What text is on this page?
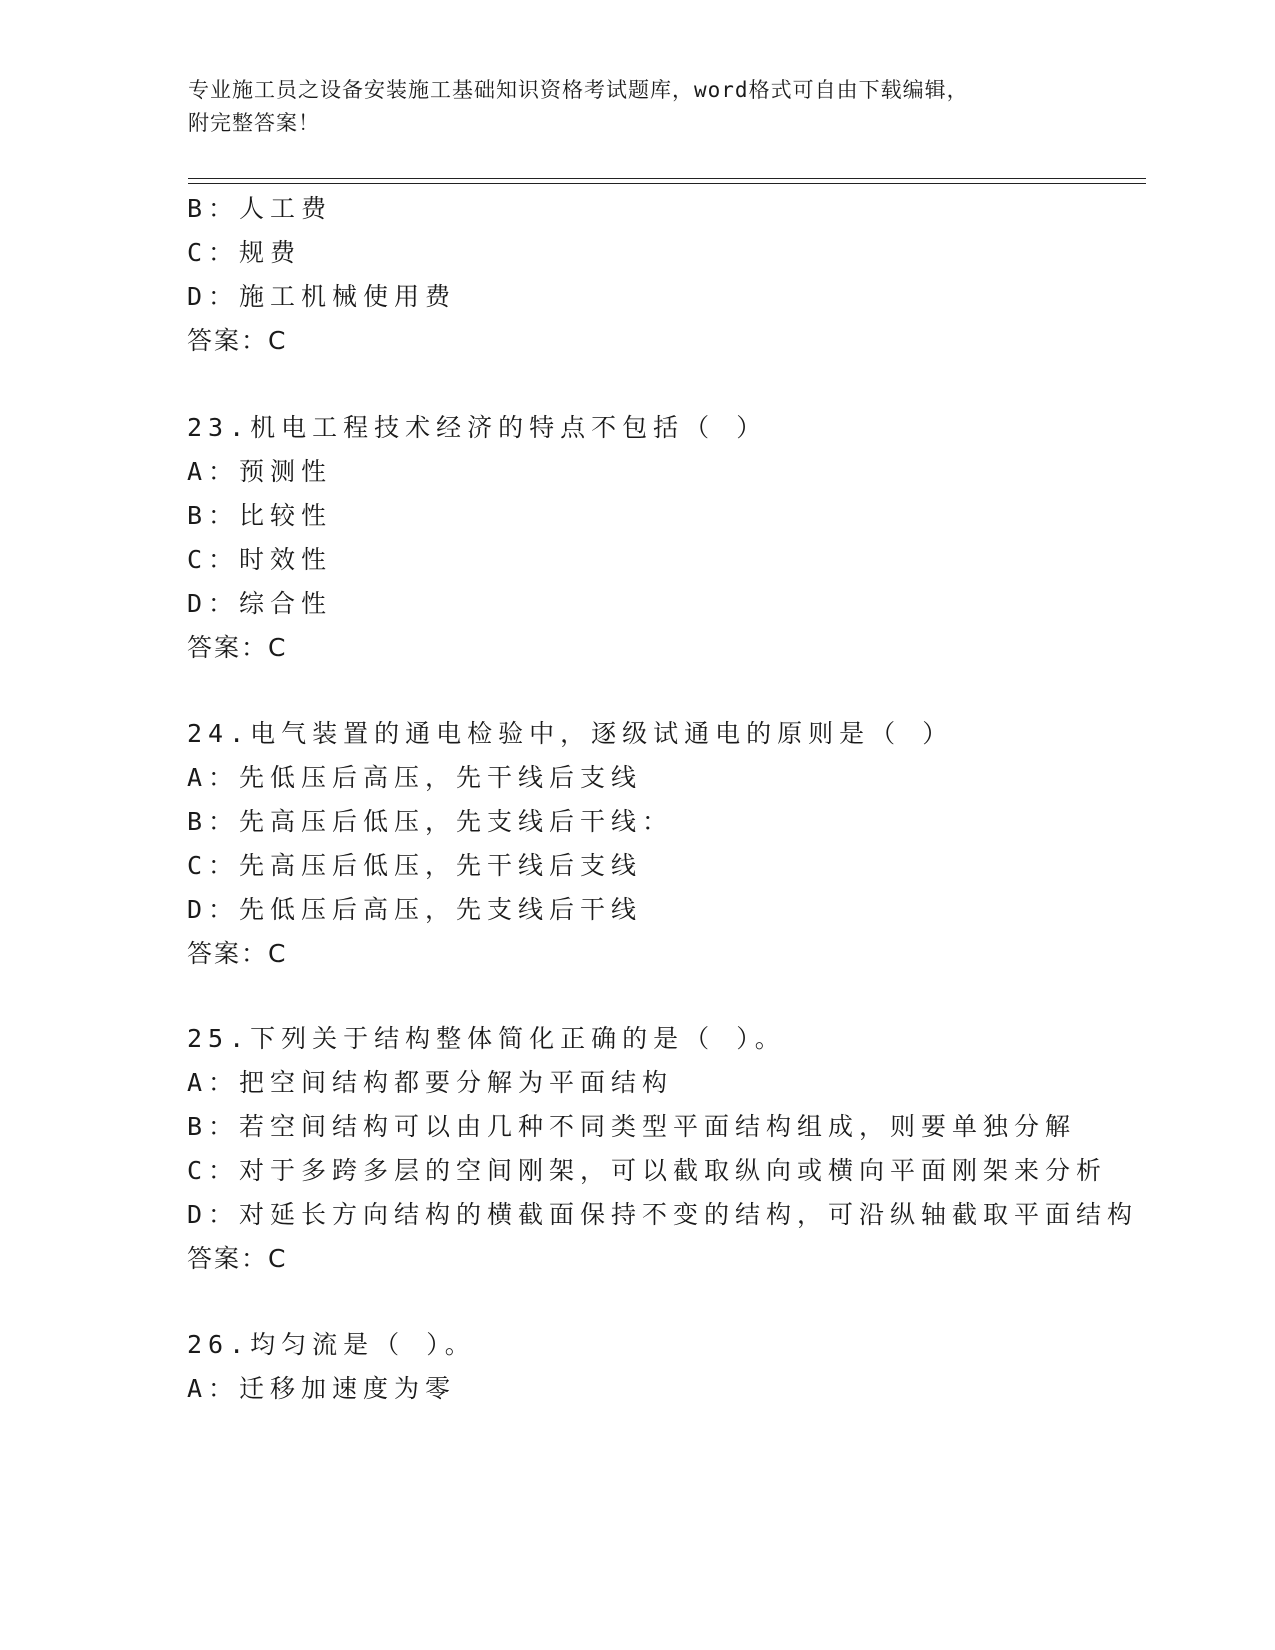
专业施工员之设备安装施工基础知识资格考试题库，word格式可自由下载编辑，
附完整答案！
B：人工费
C：规费
D：施工机械使用费
答案：C
23.机电工程技术经济的特点不包括（ ）
A：预测性
B：比较性
C：时效性
D：综合性
答案：C
24.电气装置的通电检验中，逐级试通电的原则是（ ）
A：先低压后高压，先干线后支线
B：先高压后低压，先支线后干线：
C：先高压后低压，先干线后支线
D：先低压后高压，先支线后干线
答案：C
25.下列关于结构整体简化正确的是（ ）。
A：把空间结构都要分解为平面结构
B：若空间结构可以由几种不同类型平面结构组成，则要单独分解
C：对于多跨多层的空间刚架，可以截取纵向或横向平面刚架来分析
D：对延长方向结构的横截面保持不变的结构，可沿纵轴截取平面结构
答案：C
26.均匀流是（ ）。
A：迁移加速度为零
